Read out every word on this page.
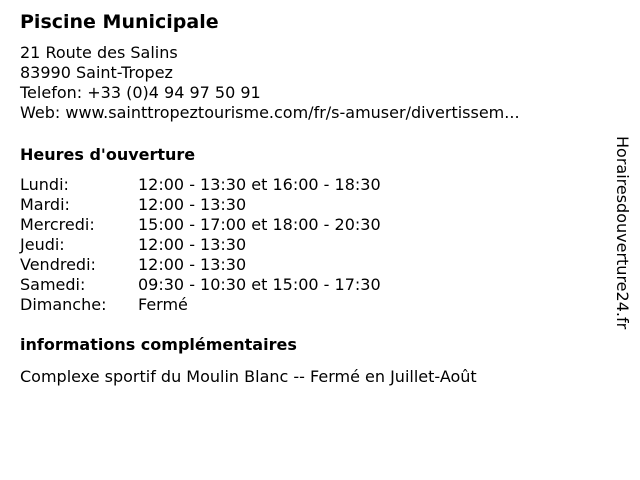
Piscine Municipale
21 Route des Salins
83990 Saint-Tropez
Telefon: +33 (0)4 94 97 50 91
Web: www.sainttropeztourisme.com/fr/s-amuser/divertissem...
Heures d'ouverture
Lundi:	12:00 - 13:30 et 16:00 - 18:30
Mardi:	12:00 - 13:30
Mercredi:	15:00 - 17:00 et 18:00 - 20:30
Jeudi:	12:00 - 13:30
Vendredi:	12:00 - 13:30
Samedi:	09:30 - 10:30 et 15:00 - 17:30
Dimanche:	Fermé
informations complémentaires
Complexe sportif du Moulin Blanc -- Fermé en Juillet-Août
Horairesdouverture24.fr
